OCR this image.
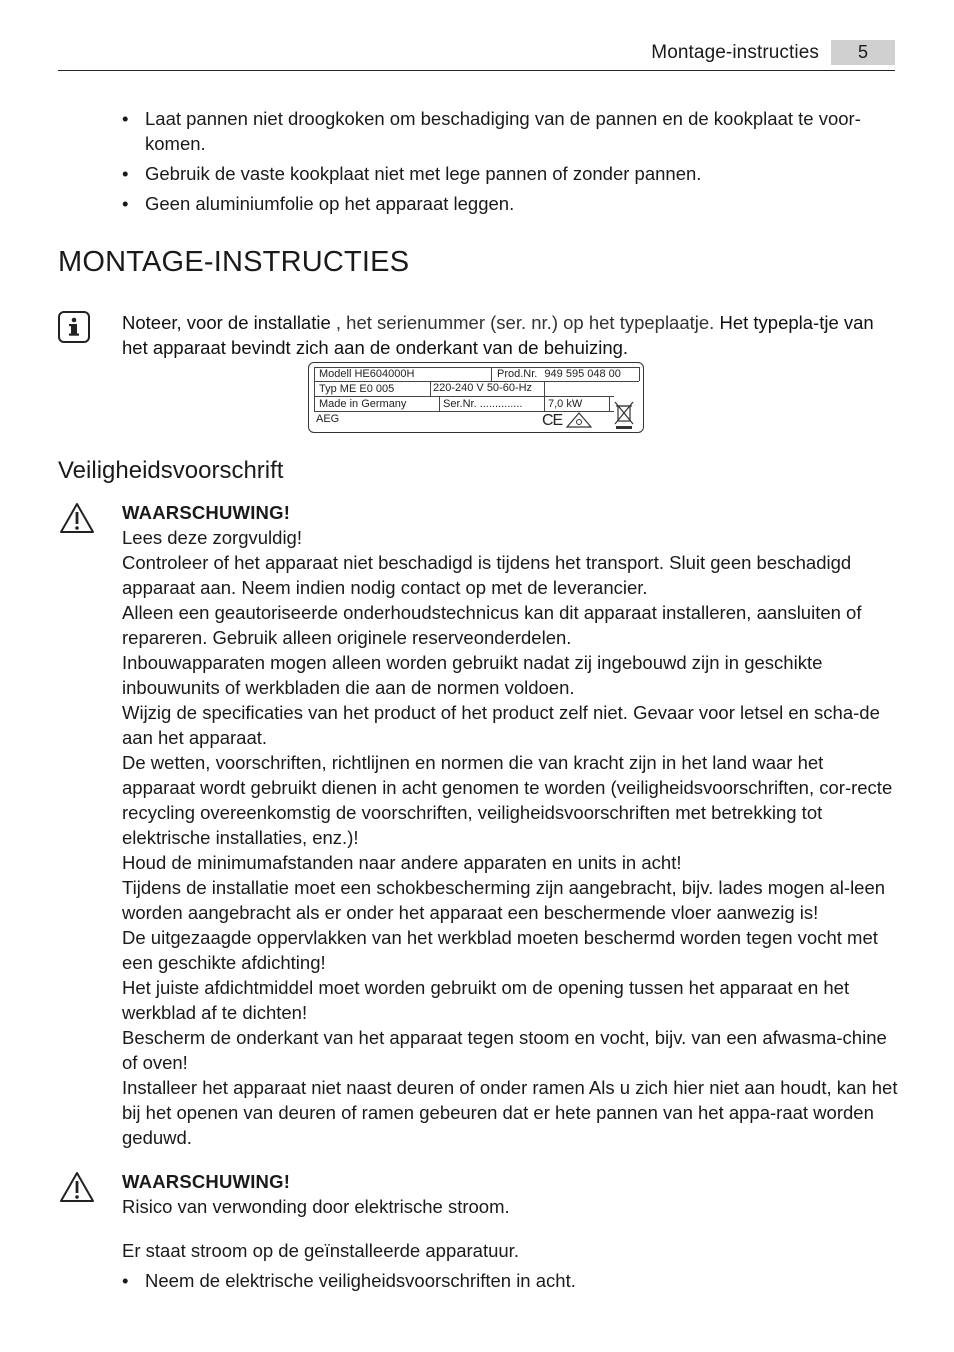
Montage-instructies	5
• Laat pannen niet droogkoken om beschadiging van de pannen en de kookplaat te voor-komen.
• Gebruik de vaste kookplaat niet met lege pannen of zonder pannen.
• Geen aluminiumfolie op het apparaat leggen.
MONTAGE-INSTRUCTIES
Noteer, voor de installatie , het serienummer (ser. nr.) op het typeplaatje. Het typepla-tje van het apparaat bevindt zich aan de onderkant van de behuizing.
Modell HE604000H	Prod.Nr. 949 595 048 00
Typ ME E0 005	220-240 V 50-60-Hz
Made in Germany	Ser.Nr. .............. 7,0 kW
AEG	CE
Veiligheidsvoorschrift
WAARSCHUWING!

Lees deze zorgvuldig!

Controleer of het apparaat niet beschadigd is tijdens het transport. Sluit geen beschadigd apparaat aan. Neem indien nodig contact op met de leverancier.

Alleen een geautoriseerde onderhoudstechnicus kan dit apparaat installeren, aansluiten of repareren. Gebruik alleen originele reserveonderdelen.

Inbouwapparaten mogen alleen worden gebruikt nadat zij ingebouwd zijn in geschikte inbouwunits of werkbladen die aan de normen voldoen.

Wijzig de specificaties van het product of het product zelf niet. Gevaar voor letsel en scha-de aan het apparaat.

De wetten, voorschriften, richtlijnen en normen die van kracht zijn in het land waar het apparaat wordt gebruikt dienen in acht genomen te worden (veiligheidsvoorschriften, cor-recte recycling overeenkomstig de voorschriften, veiligheidsvoorschriften met betrekking tot elektrische installaties, enz.)!

Houd de minimumafstanden naar andere apparaten en units in acht!

Tijdens de installatie moet een schokbescherming zijn aangebracht, bijv. lades mogen al-leen worden aangebracht als er onder het apparaat een beschermende vloer aanwezig is!

De uitgezaagde oppervlakken van het werkblad moeten beschermd worden tegen vocht met een geschikte afdichting!

Het juiste afdichtmiddel moet worden gebruikt om de opening tussen het apparaat en het werkblad af te dichten!

Bescherm de onderkant van het apparaat tegen stoom en vocht, bijv. van een afwasma-chine of oven!

Installeer het apparaat niet naast deuren of onder ramen Als u zich hier niet aan houdt, kan het bij het openen van deuren of ramen gebeuren dat er hete pannen van het appa-raat worden geduwd.

WAARSCHUWING!

Risico van verwonding door elektrische stroom.

Er staat stroom op de geïnstalleerde apparatuur.
• Neem de elektrische veiligheidsvoorschriften in acht.
